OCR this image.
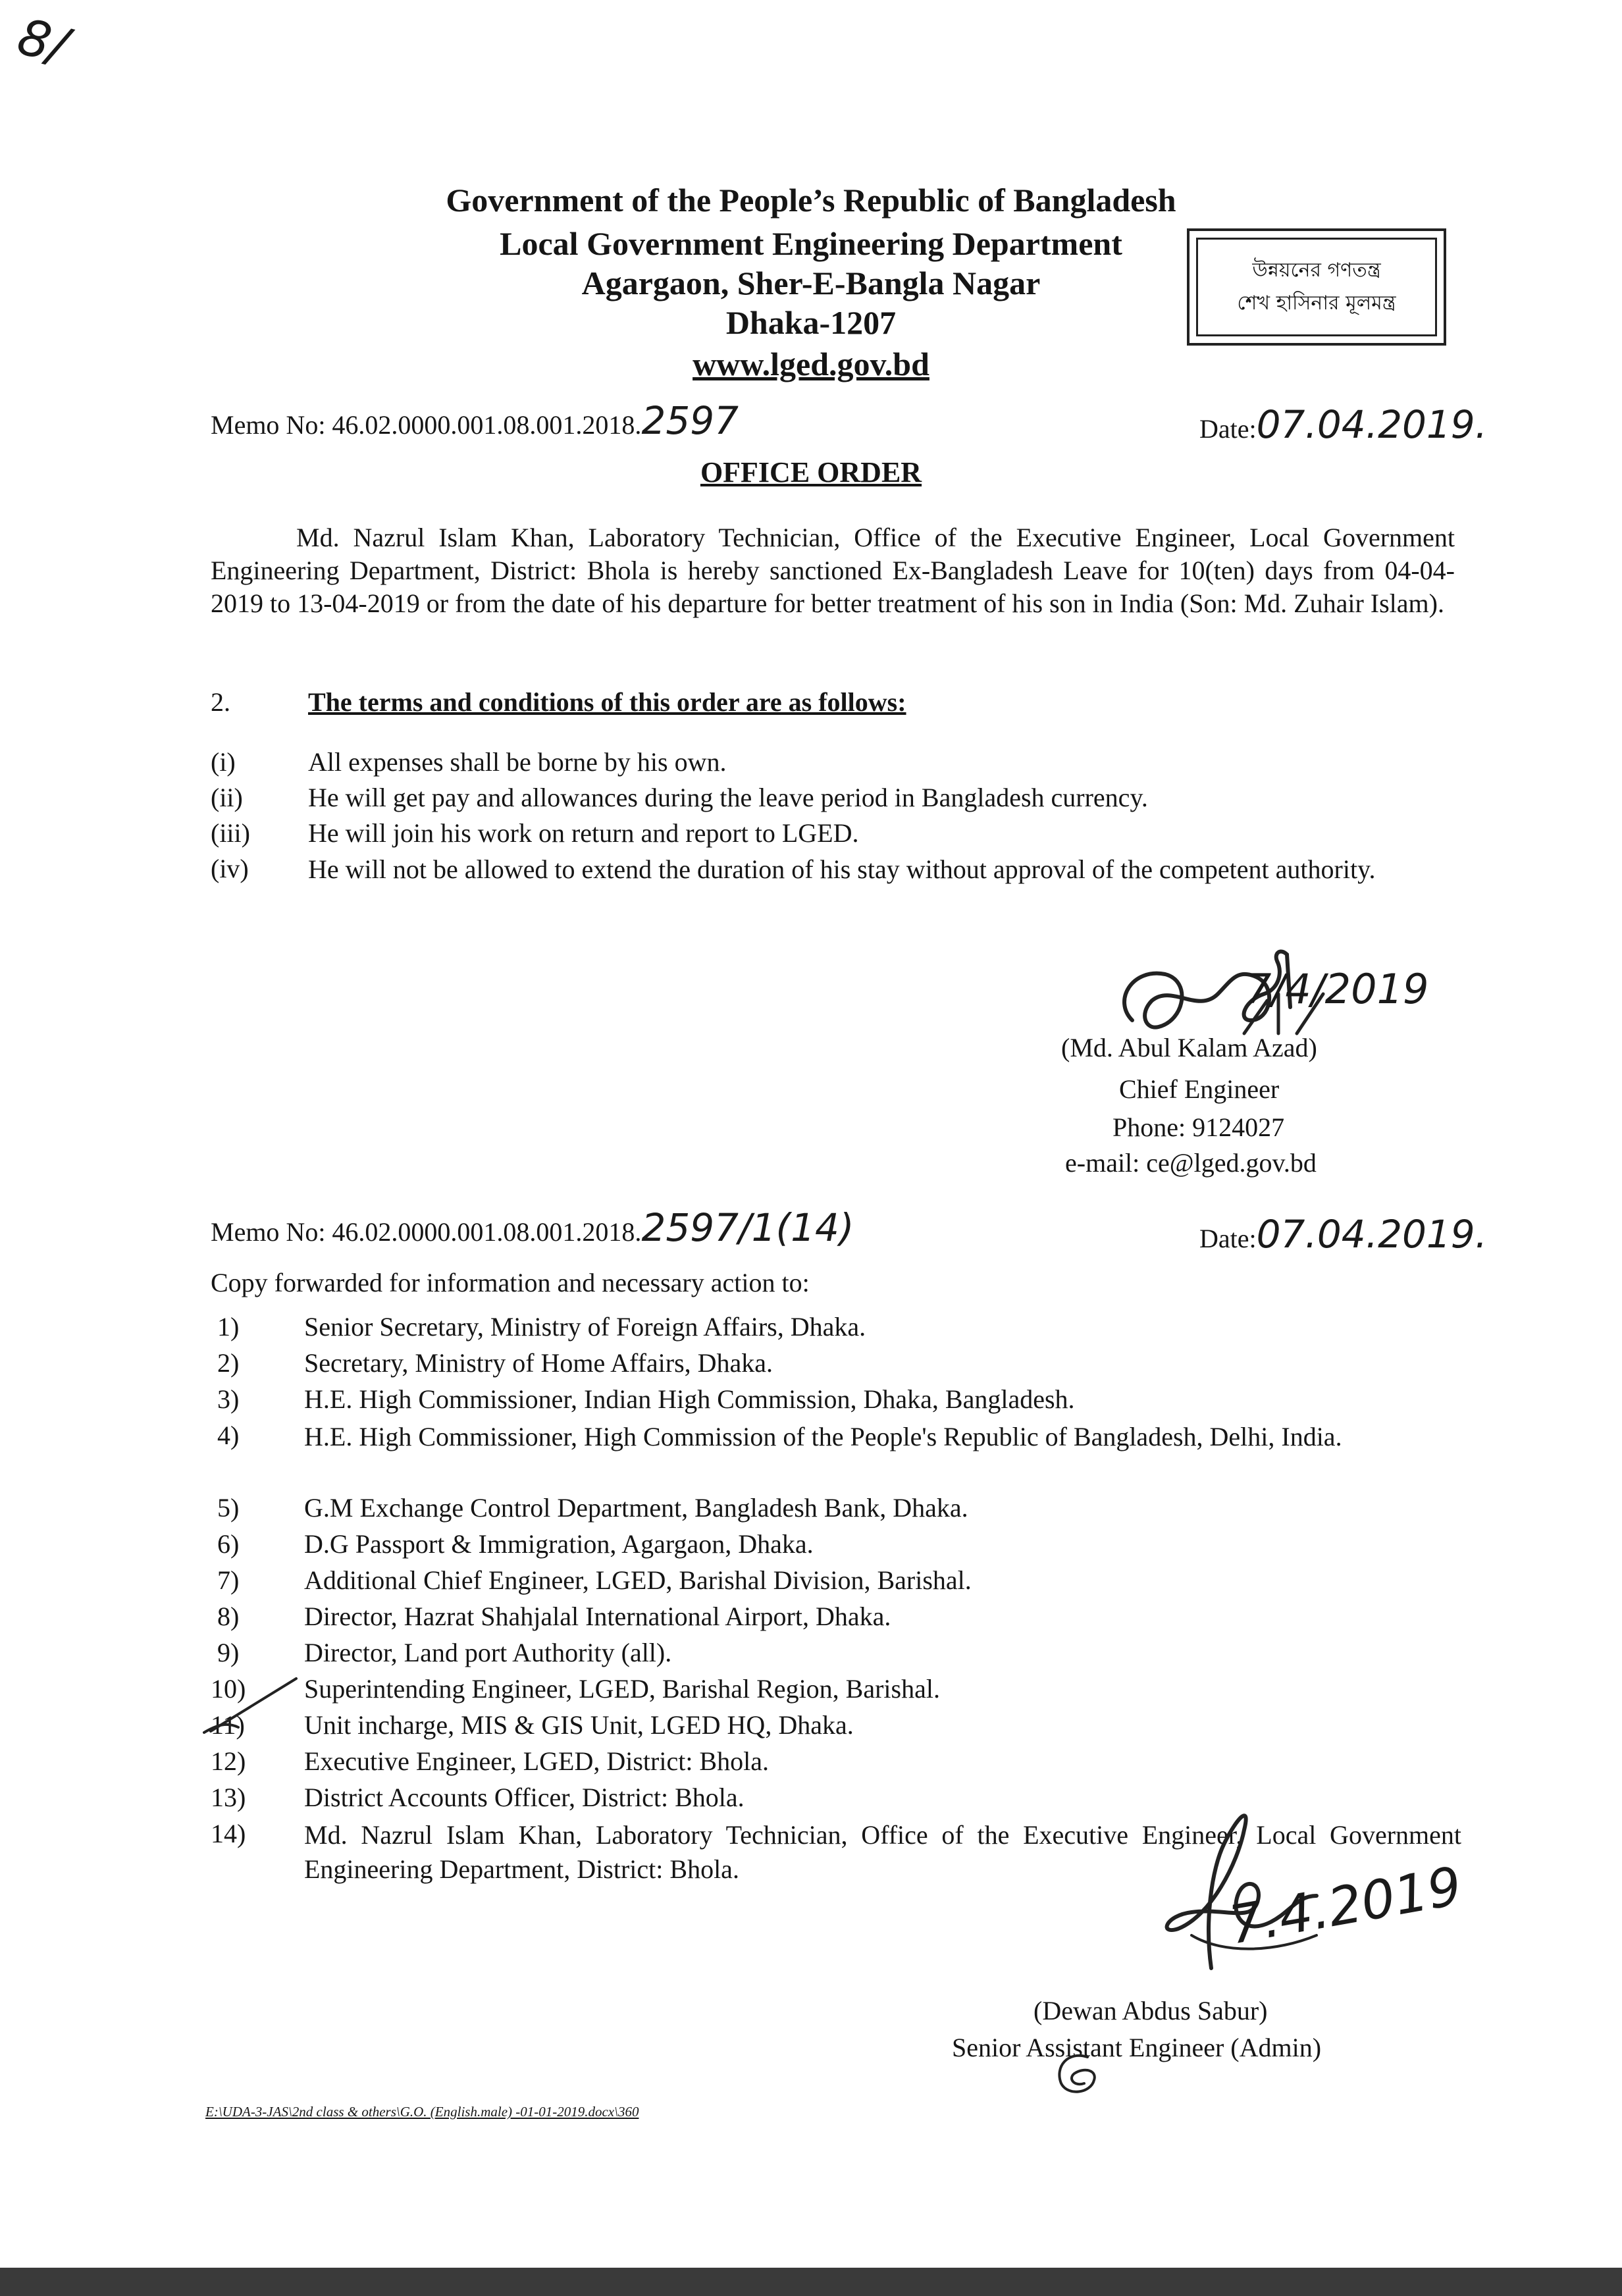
8/
Government of the People’s Republic of Bangladesh
Local Government Engineering Department
Agargaon, Sher-E-Bangla Nagar
Dhaka-1207
www.lged.gov.bd
উন্নয়নের গণতন্ত্র
শেখ হাসিনার মূলমন্ত্র
Memo No: 46.02.0000.001.08.001.2018.2597	Date:07.04.2019.
OFFICE ORDER
Md. Nazrul Islam Khan, Laboratory Technician, Office of the Executive Engineer, Local Government Engineering Department, District: Bhola is hereby sanctioned Ex-Bangladesh Leave for 10(ten) days from 04-04-2019 to 13-04-2019 or from the date of his departure for better treatment of his son in India (Son: Md. Zuhair Islam).
2.	The terms and conditions of this order are as follows:
(i)	All expenses shall be borne by his own.
(ii) He will get pay and allowances during the leave period in Bangladesh currency.
(iii) He will join his work on return and report to LGED.
(iv) He will not be allowed to extend the duration of his stay without approval of the competent authority.
7/4/2019
(Md. Abul Kalam Azad)
Chief Engineer
Phone: 9124027
e-mail: ce@lged.gov.bd
Memo No: 46.02.0000.001.08.001.2018.2597/1(14)	Date:07.04.2019.
Copy forwarded for information and necessary action to:
1) Senior Secretary, Ministry of Foreign Affairs, Dhaka.
2) Secretary, Ministry of Home Affairs, Dhaka.
3) H.E. High Commissioner, Indian High Commission, Dhaka, Bangladesh.
4) H.E. High Commissioner, High Commission of the People's Republic of Bangladesh, Delhi, India.
5) G.M Exchange Control Department, Bangladesh Bank, Dhaka.
6) D.G Passport & Immigration, Agargaon, Dhaka.
7) Additional Chief Engineer, LGED, Barishal Division, Barishal.
8) Director, Hazrat Shahjalal International Airport, Dhaka.
9) Director, Land port Authority (all).
10) Superintending Engineer, LGED, Barishal Region, Barishal.
11) Unit incharge, MIS & GIS Unit, LGED HQ, Dhaka.
12) Executive Engineer, LGED, District: Bhola.
13) District Accounts Officer, District: Bhola.
14) Md. Nazrul Islam Khan, Laboratory Technician, Office of the Executive Engineer, Local Government Engineering Department, District: Bhola.	7.4.2019
(Dewan Abdus Sabur)
Senior Assistant Engineer (Admin)
E:\UDA-3-JAS\2nd class & others\G.O. (English.male) -01-01-2019.docx\360
